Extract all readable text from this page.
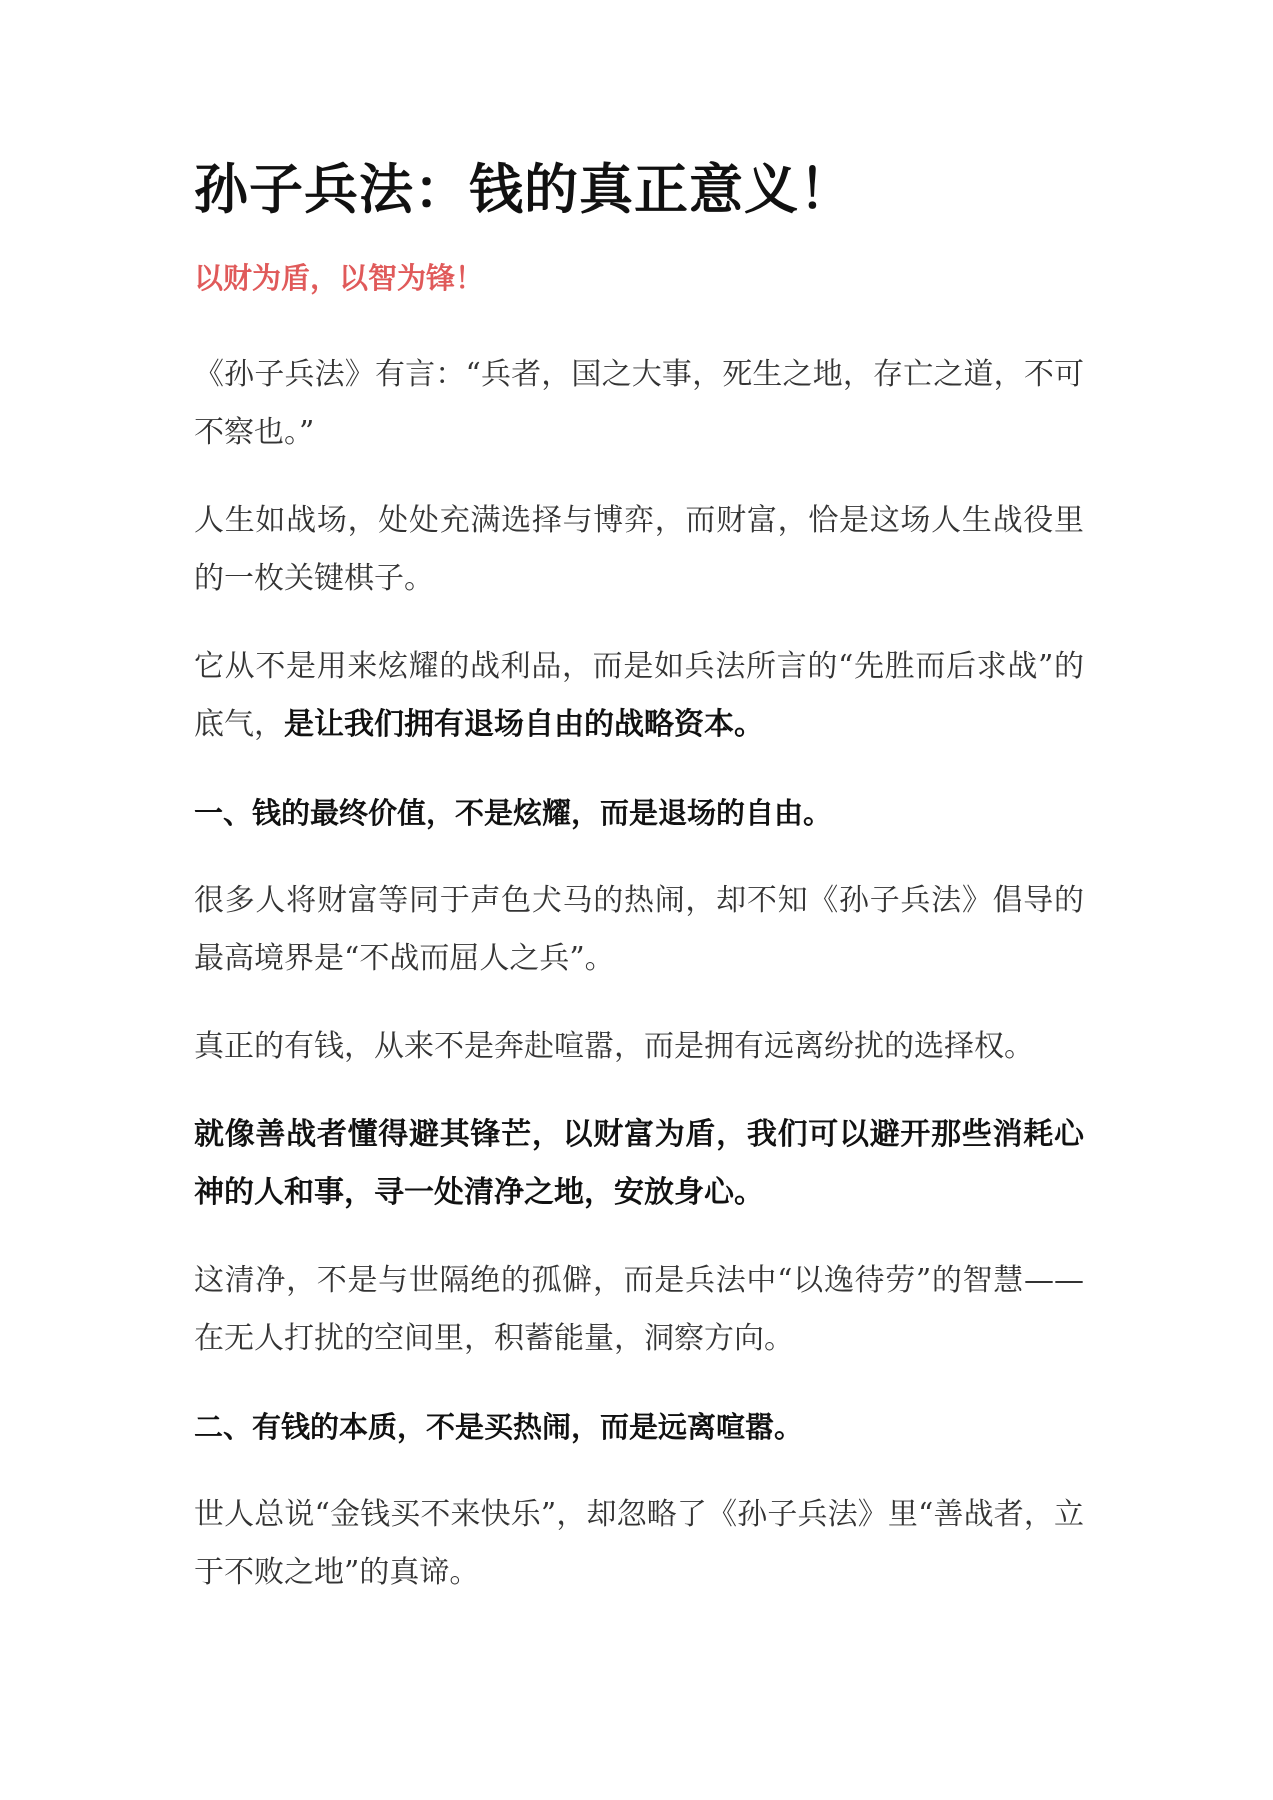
孙子兵法：钱的真正意义！
以财为盾，以智为锋！

《孙子兵法》有言：“兵者，国之大事，死生之地，存亡之道，不可不察也。”

人生如战场，处处充满选择与博弈，而财富，恰是这场人生战役里的一枚关键棋子。

它从不是用来炫耀的战利品，而是如兵法所言的“先胜而后求战”的底气，是让我们拥有退场自由的战略资本。

一、钱的最终价值，不是炫耀，而是退场的自由。

很多人将财富等同于声色犬马的热闹，却不知《孙子兵法》倡导的最高境界是“不战而屈人之兵”。

真正的有钱，从来不是奔赴喧嚣，而是拥有远离纷扰的选择权。

就像善战者懂得避其锋芒，以财富为盾，我们可以避开那些消耗心神的人和事，寻一处清净之地，安放身心。

这清净，不是与世隔绝的孤僻，而是兵法中“以逸待劳”的智慧——在无人打扰的空间里，积蓄能量，洞察方向。

二、有钱的本质，不是买热闹，而是远离喧嚣。

世人总说“金钱买不来快乐”，却忽略了《孙子兵法》里“善战者，立于不败之地”的真谛。
